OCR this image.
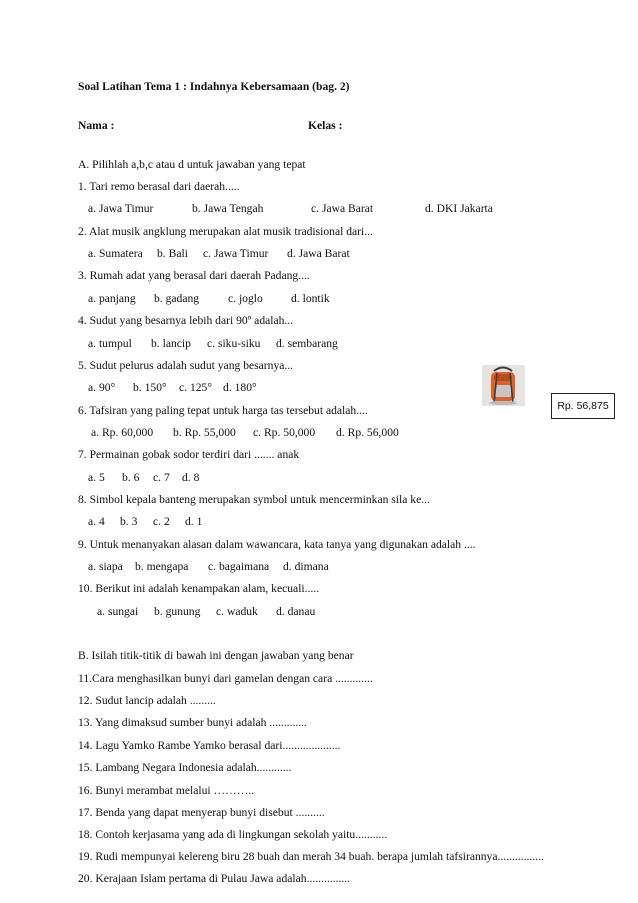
Soal Latihan Tema 1 : Indahnya Kebersamaan (bag. 2)
Nama :	Kelas :
A. Pilihlah a,b,c atau d untuk jawaban yang tepat
1. Tari remo berasal dari daerah.....
a. Jawa Timur	b. Jawa Tengah	c. Jawa Barat	d. DKI Jakarta
2. Alat musik angklung merupakan alat musik tradisional dari...
a. Sumatera b. Bali c. Jawa Timur d. Jawa Barat
3. Rumah adat yang berasal dari daerah Padang....
a. panjang b. gadang c. joglo d. lontik
4. Sudut yang besarnya lebih dari 90º adalah...
a. tumpul b. lancip c. siku-siku d. sembarang
5. Sudut pelurus adalah sudut yang besarnya...
a. 90° b. 150° c. 125° d. 180°
6. Tafsiran yang paling tepat untuk harga tas tersebut adalah....
a. Rp. 60,000 b. Rp. 55,000 c. Rp. 50,000 d. Rp. 56,000
Rp. 56,875
7. Permainan gobak sodor terdiri dari ....... anak
a. 5 b. 6 c. 7 d. 8
8. Simbol kepala banteng merupakan symbol untuk mencerminkan sila ke...
a. 4 b. 3 c. 2 d. 1
9. Untuk menanyakan alasan dalam wawancara, kata tanya yang digunakan adalah ....
a. siapa b. mengapa c. bagaimana d. dimana
10. Berikut ini adalah kenampakan alam, kecuali.....
a. sungai b. gunung c. waduk d. danau
B. Isilah titik-titik di bawah ini dengan jawaban yang benar
11.Cara menghasilkan bunyi dari gamelan dengan cara .............
12. Sudut lancip adalah .........
13. Yang dimaksud sumber bunyi adalah .............
14. Lagu Yamko Rambe Yamko berasal dari....................
15. Lambang Negara Indonesia adalah............
16. Bunyi merambat melalui ………..
17. Benda yang dapat menyerap bunyi disebut ..........
18. Contoh kerjasama yang ada di lingkungan sekolah yaitu...........
19. Rudi mempunyai kelereng biru 28 buah dan merah 34 buah. berapa jumlah tafsirannya................
20. Kerajaan Islam pertama di Pulau Jawa adalah...............
